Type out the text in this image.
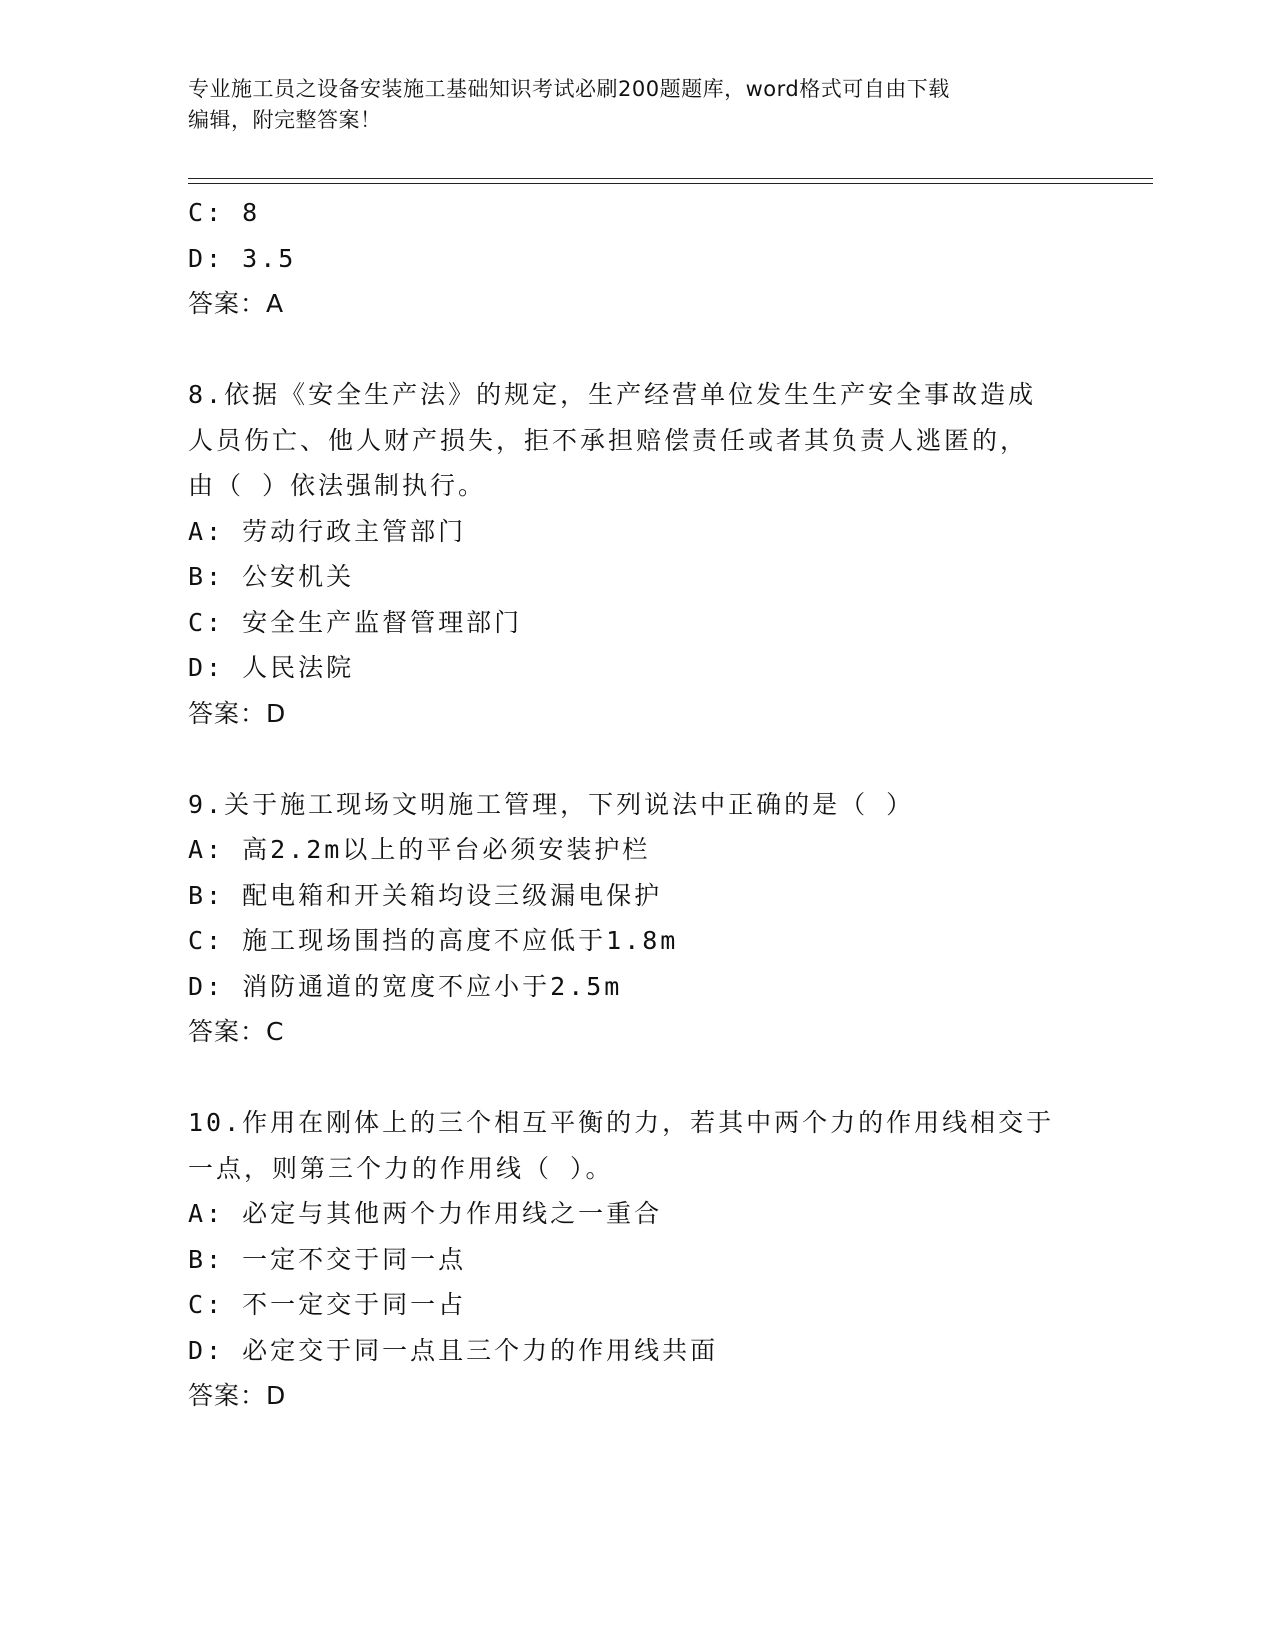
专业施工员之设备安装施工基础知识考试必刷200题题库，word格式可自由下载
编辑，附完整答案！
C: 8
D: 3.5
答案：A
8.依据《安全生产法》的规定，生产经营单位发生生产安全事故造成
人员伤亡、他人财产损失，拒不承担赔偿责任或者其负责人逃匿的，
由（ ）依法强制执行。
A: 劳动行政主管部门
B: 公安机关
C: 安全生产监督管理部门
D: 人民法院
答案：D
9.关于施工现场文明施工管理，下列说法中正确的是（ ）
A: 高2.2m以上的平台必须安装护栏
B: 配电箱和开关箱均设三级漏电保护
C: 施工现场围挡的高度不应低于1.8m
D: 消防通道的宽度不应小于2.5m
答案：C
10.作用在刚体上的三个相互平衡的力，若其中两个力的作用线相交于
一点，则第三个力的作用线（ ）。
A: 必定与其他两个力作用线之一重合
B: 一定不交于同一点
C: 不一定交于同一占
D: 必定交于同一点且三个力的作用线共面
答案：D
